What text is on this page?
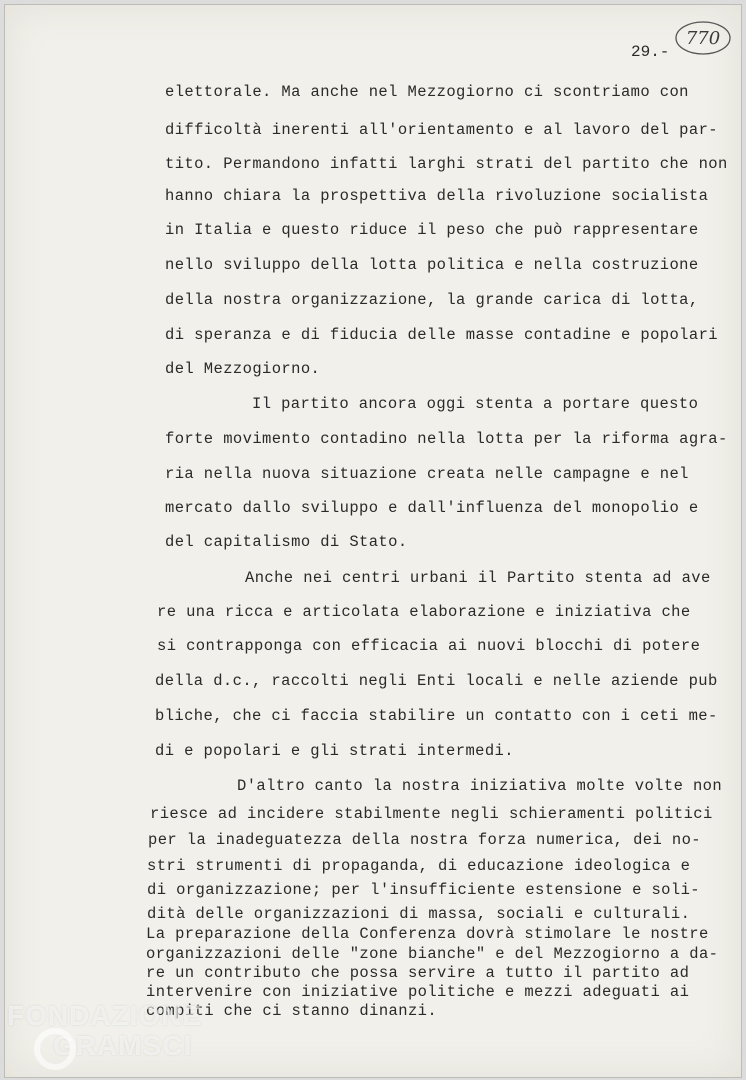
29.-
770
elettorale. Ma anche nel Mezzogiorno ci scontriamo con
difficoltà inerenti all'orientamento e al lavoro del par-
tito. Permandono infatti larghi strati del partito che non
hanno chiara la prospettiva della rivoluzione socialista
in Italia e questo riduce il peso che può rappresentare
nello sviluppo della lotta politica e nella costruzione
della nostra organizzazione, la grande carica di lotta,
di speranza e di fiducia delle masse contadine e popolari
del Mezzogiorno.
Il partito ancora oggi stenta a portare questo
forte movimento contadino nella lotta per la riforma agra-
ria nella nuova situazione creata nelle campagne e nel
mercato dallo sviluppo e dall'influenza del monopolio e
del capitalismo di Stato.
Anche nei centri urbani il Partito stenta ad ave
re una ricca e articolata elaborazione e iniziativa che
si contrapponga con efficacia ai nuovi blocchi di potere
della d.c., raccolti negli Enti locali e nelle aziende pub
bliche, che ci faccia stabilire un contatto con i ceti me-
di e popolari e gli strati intermedi.
D'altro canto la nostra iniziativa molte volte non
riesce ad incidere stabilmente negli schieramenti politici
per la inadeguatezza della nostra forza numerica, dei no-
stri strumenti di propaganda, di educazione ideologica e
di organizzazione; per l'insufficiente estensione e soli-
dità delle organizzazioni di massa, sociali e culturali.
La preparazione della Conferenza dovrà stimolare le nostre
organizzazioni delle "zone bianche" e del Mezzogiorno a da-
re un contributo che possa servire a tutto il partito ad
intervenire con iniziative politiche e mezzi adeguati ai
compiti che ci stanno dinanzi.
FONDAZIONE
GRAMSCI
